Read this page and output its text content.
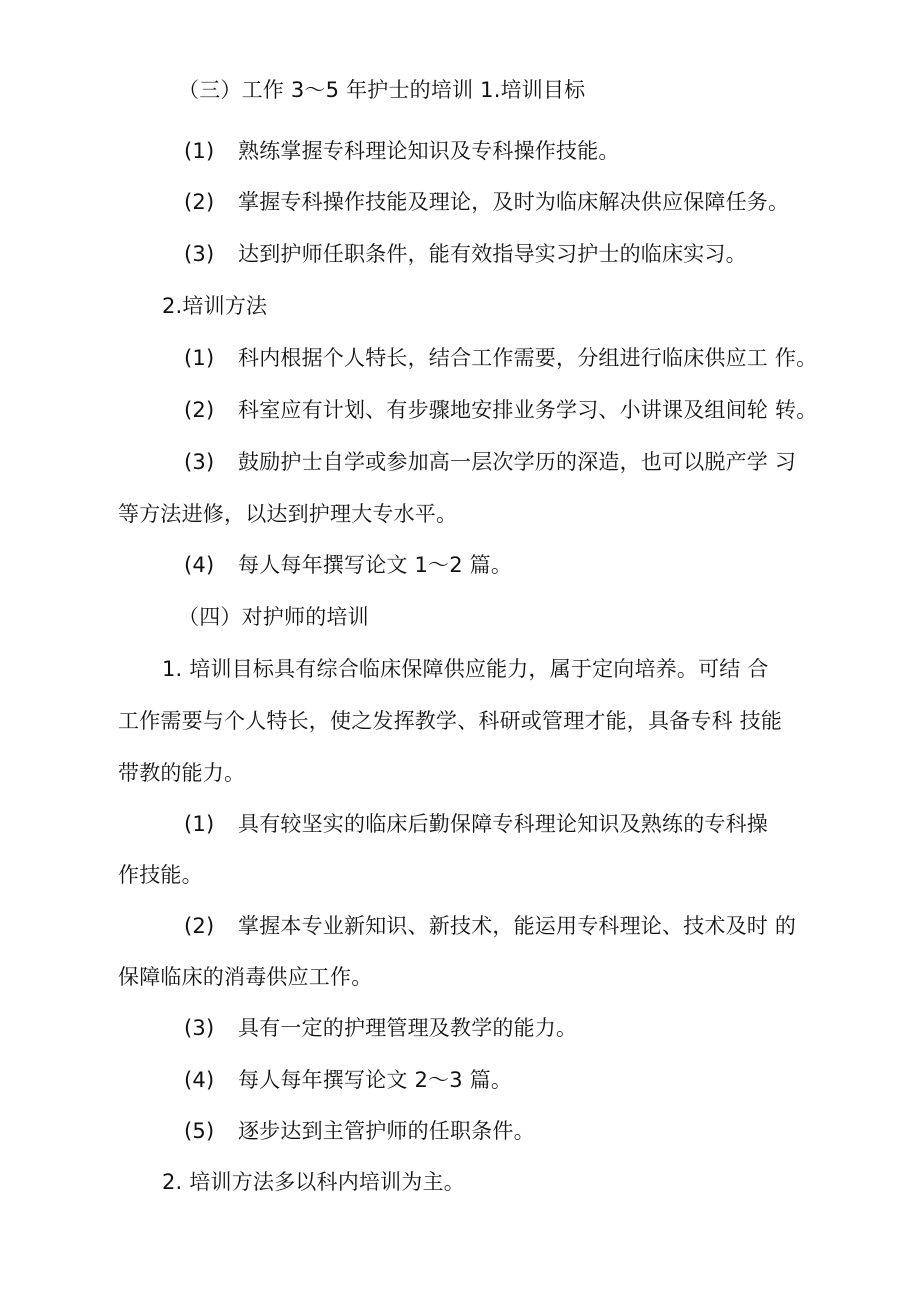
（三）工作 3～5 年护士的培训 1.培训目标
(1) 熟练掌握专科理论知识及专科操作技能。
(2) 掌握专科操作技能及理论，及时为临床解决供应保障任务。
(3) 达到护师任职条件，能有效指导实习护士的临床实习。
2.培训方法
(1) 科内根据个人特长，结合工作需要，分组进行临床供应工 作。
(2) 科室应有计划、有步骤地安排业务学习、小讲课及组间轮 转。
(3) 鼓励护士自学或参加高一层次学历的深造，也可以脱产学 习
等方法进修，以达到护理大专水平。
(4) 每人每年撰写论文 1～2 篇。
（四）对护师的培训
1. 培训目标具有综合临床保障供应能力，属于定向培养。可结 合
工作需要与个人特长，使之发挥教学、科研或管理才能，具备专科 技能
带教的能力。
(1) 具有较坚实的临床后勤保障专科理论知识及熟练的专科操
作技能。
(2) 掌握本专业新知识、新技术，能运用专科理论、技术及时 的
保障临床的消毒供应工作。
(3) 具有一定的护理管理及教学的能力。
(4) 每人每年撰写论文 2～3 篇。
(5) 逐步达到主管护师的任职条件。
2. 培训方法多以科内培训为主。
